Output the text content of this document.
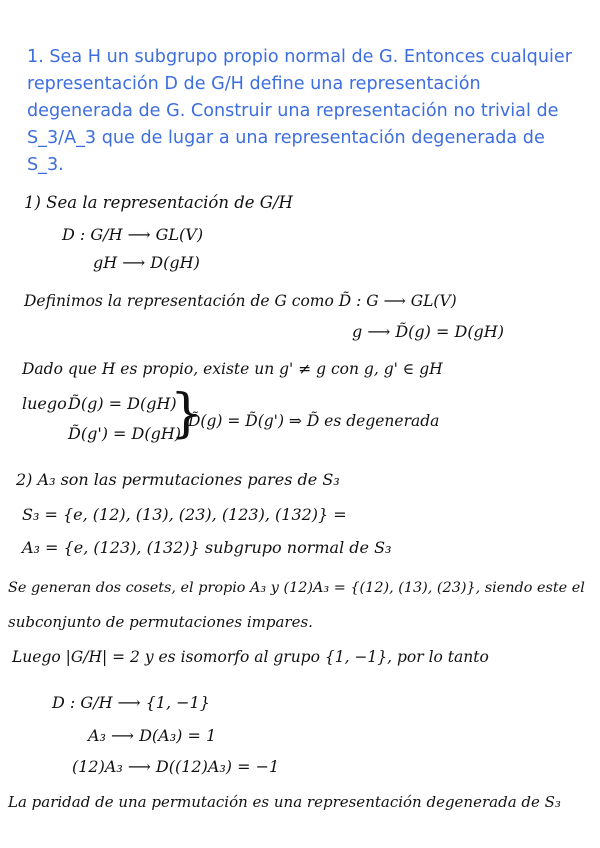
1. Sea H un subgrupo propio normal de G. Entonces cualquier representación D de G/H define una representación degenerada de G. Construir una representación no trivial de S_3/A_3 que de lugar a una representación degenerada de S_3.

1) Sea la representación de G/H
D : G/H ⟶ GL(V)
gH ⟶ D(gH)
Definimos la representación de G como D̃ : G ⟶ GL(V)
g ⟶ D̃(g) = D(gH)
Dado que H es propio, existe un g' ≠ g con g, g' ∈ gH
luego D̃(g) = D(gH)
D̃(g') = D(gH)
}
D̃(g) = D̃(g') ⇒ D̃ es degenerada
2) A₃ son las permutaciones pares de S₃
S₃ = {e, (12), (13), (23), (123), (132)} =
A₃ = {e, (123), (132)} subgrupo normal de S₃
Se generan dos cosets, el propio A₃ y (12)A₃ = {(12), (13), (23)}, siendo este el
subconjunto de permutaciones impares.
Luego |G/H| = 2 y es isomorfo al grupo {1, −1}, por lo tanto
D : G/H ⟶ {1, −1}
A₃ ⟶ D(A₃) = 1
(12)A₃ ⟶ D((12)A₃) = −1
La paridad de una permutación es una representación degenerada de S₃
